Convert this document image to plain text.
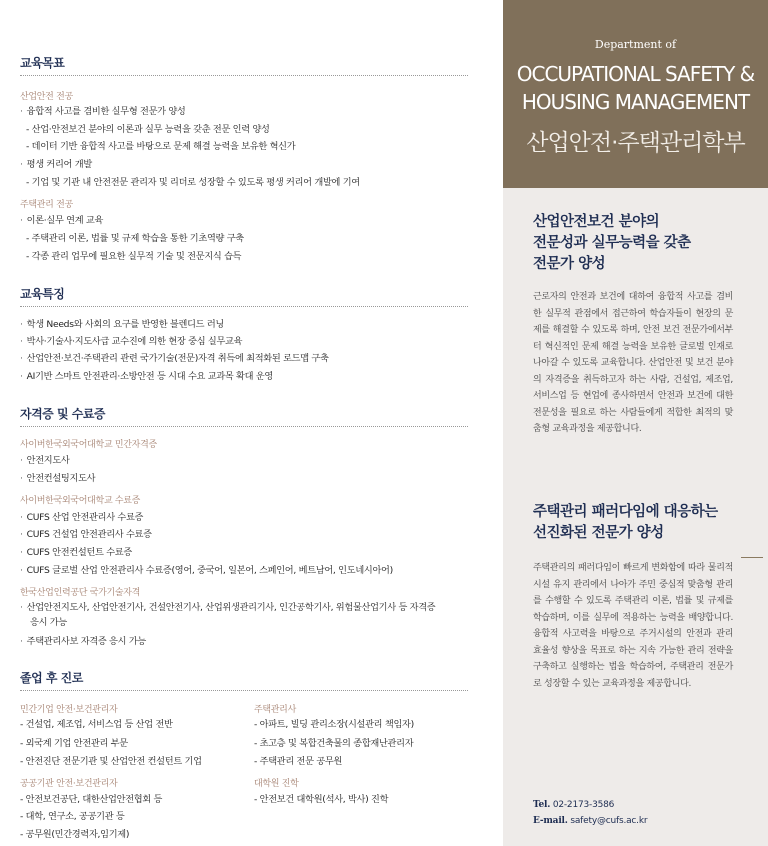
교육목표
산업안전 전공
· 융합적 사고를 겸비한 실무형 전문가 양성
- 산업·안전보건 분야의 이론과 실무 능력을 갖춘 전문 인력 양성
- 데이터 기반 융합적 사고를 바탕으로 문제 해결 능력을 보유한 혁신가
· 평생 커리어 개발
- 기업 및 기관 내 안전전문 관리자 및 리더로 성장할 수 있도록 평생 커리어 개발에 기여
주택관리 전공
· 이론·실무 연계 교육
- 주택관리 이론, 법률 및 규제 학습을 통한 기초역량 구축
- 각종 관리 업무에 필요한 실무적 기술 및 전문지식 습득
교육특징
· 학생 Needs와 사회의 요구를 반영한 블렌디드 러닝
· 박사·기술사·지도사급 교수진에 의한 현장 중심 실무교육
· 산업안전·보건·주택관리 관련 국가기술(전문)자격 취득에 최적화된 로드맵 구축
· AI기반 스마트 안전관리·소방안전 등 시대 수요 교과목 확대 운영
자격증 및 수료증
사이버한국외국어대학교 민간자격증
· 안전지도사
· 안전컨설팅지도사
사이버한국외국어대학교 수료증
· CUFS 산업 안전관리사 수료증
· CUFS 건설업 안전관리사 수료증
· CUFS 안전컨설턴트 수료증
· CUFS 글로벌 산업 안전관리사 수료증(영어, 중국어, 일본어, 스페인어, 베트남어, 인도네시아어)
한국산업인력공단 국가기술자격
· 산업안전지도사, 산업안전기사, 건설안전기사, 산업위생관리기사, 인간공학기사, 위험물산업기사 등 자격증
응시 가능
· 주택관리사보 자격증 응시 가능
졸업 후 진로
민간기업 안전·보건관리자
- 건설업, 제조업, 서비스업 등 산업 전반
- 외국계 기업 안전관리 부문
- 안전진단 전문기관 및 산업안전 컨설턴트 기업
공공기관 안전·보건관리자
- 안전보건공단, 대한산업안전협회 등
- 대학, 연구소, 공공기관 등
- 공무원(민간경력자,임기제)
주택관리사
- 아파트, 빌딩 관리소장(시설관리 책임자)
- 초고층 및 복합건축물의 종합재난관리자
- 주택관리 전문 공무원
대학원 진학
- 안전보건 대학원(석사, 박사) 진학
Department of
OCCUPATIONAL SAFETY &
HOUSING MANAGEMENT
산업안전·주택관리학부
산업안전보건 분야의
전문성과 실무능력을 갖춘
전문가 양성
근로자의 안전과 보건에 대하여 융합적 사고를 겸비한 실무적 관점에서 접근하여 학습자들이 현장의 문제를 해결할 수 있도록 하며, 안전 보건 전문가에서부터 혁신적인 문제 해결 능력을 보유한 글로벌 인재로 나아갈 수 있도록 교육합니다. 산업안전 및 보건 분야의 자격증을 취득하고자 하는 사람, 건설업, 제조업, 서비스업 등 현업에 종사하면서 안전과 보건에 대한 전문성을 필요로 하는 사람들에게 적합한 최적의 맞춤형 교육과정을 제공합니다.
주택관리 패러다임에 대응하는
선진화된 전문가 양성
주택관리의 패러다임이 빠르게 변화함에 따라 물리적 시설 유지 관리에서 나아가 주민 중심적 맞춤형 관리를 수행할 수 있도록 주택관리 이론, 법률 및 규제를 학습하며, 이를 실무에 적용하는 능력을 배양합니다. 융합적 사고력을 바탕으로 주거시설의 안전과 관리 효율성 향상을 목표로 하는 지속 가능한 관리 전략을 구축하고 실행하는 법을 학습하여, 주택관리 전문가로 성장할 수 있는 교육과정을 제공합니다.
Tel. 02-2173-3586
E-mail. safety@cufs.ac.kr
